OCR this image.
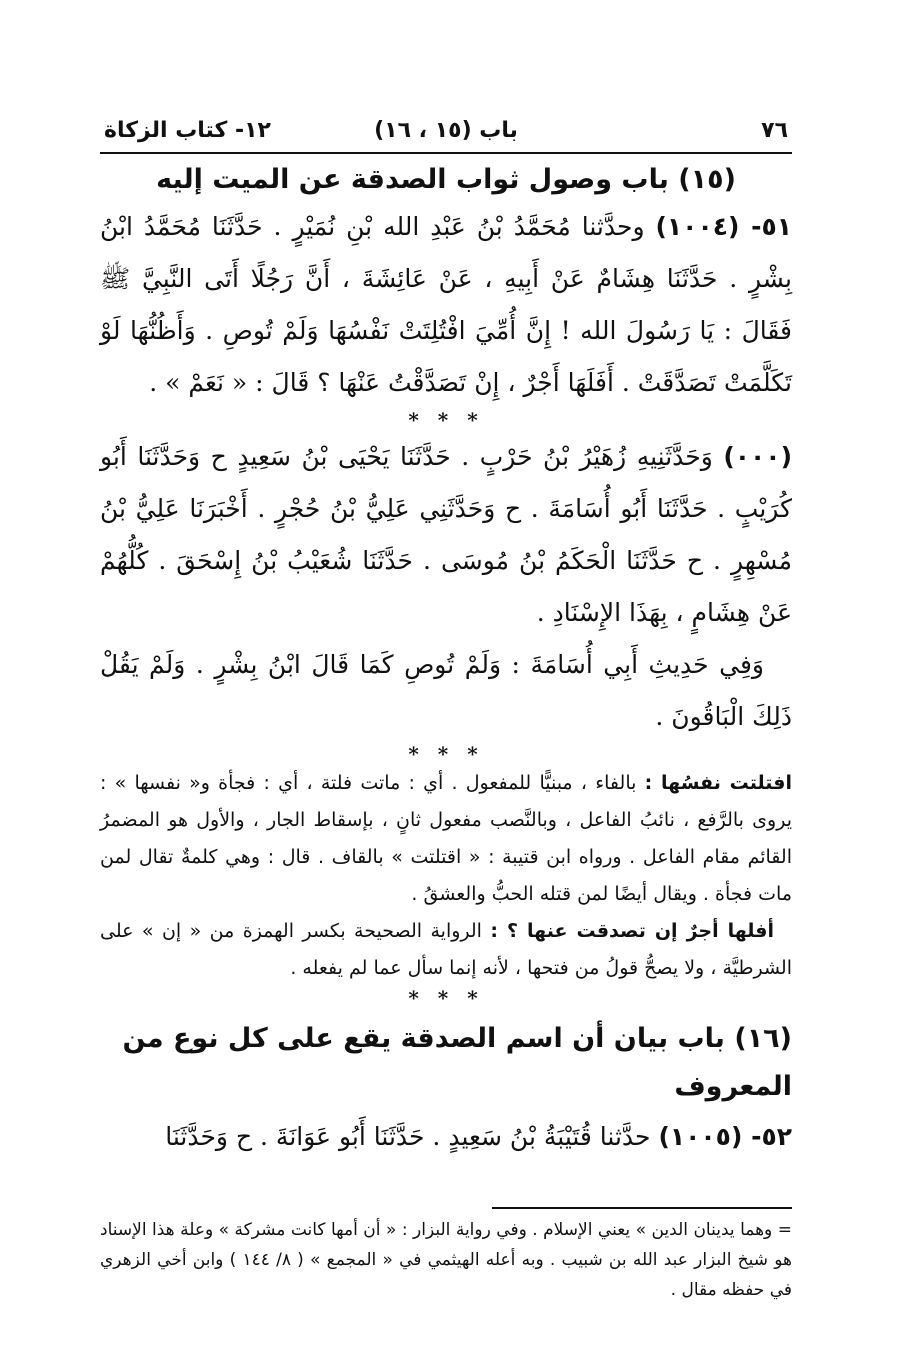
٧٦
باب (١٥ ، ١٦)
١٢- كتاب الزكاة
(١٥) باب وصول ثواب الصدقة عن الميت إليه

٥١- (١٠٠٤) وحدَّثنا مُحَمَّدُ بْنُ عَبْدِ الله بْنِ نُمَيْرٍ . حَدَّثَنَا مُحَمَّدُ ابْنُ بِشْرٍ . حَدَّثَنَا هِشَامٌ عَنْ أَبِيهِ ، عَنْ عَائِشَةَ ، أَنَّ رَجُلًا أَتَى النَّبِيَّ ﷺ فَقَالَ : يَا رَسُولَ الله ! إِنَّ أُمِّيَ افْتُلِتَتْ نَفْسُهَا وَلَمْ تُوصِ . وَأَظُنُّهَا لَوْ تَكَلَّمَتْ تَصَدَّقَتْ . أَفَلَهَا أَجْرٌ ، إِنْ تَصَدَّقْتُ عَنْهَا ؟ قَالَ : « نَعَمْ » .

* * *

(٠٠٠) وَحَدَّثَنِيهِ زُهَيْرُ بْنُ حَرْبٍ . حَدَّثَنَا يَحْيَى بْنُ سَعِيدٍ ح وَحَدَّثَنَا أَبُو كُرَيْبٍ . حَدَّثَنَا أَبُو أُسَامَةَ . ح وَحَدَّثَنِي عَلِيُّ بْنُ حُجْرٍ . أَخْبَرَنَا عَلِيُّ بْنُ مُسْهِرٍ . ح حَدَّثَنَا الْحَكَمُ بْنُ مُوسَى . حَدَّثَنَا شُعَيْبُ بْنُ إِسْحَقَ . كُلُّهُمْ عَنْ هِشَامٍ ، بِهَذَا الإِسْنَادِ .

وَفِي حَدِيثِ أَبِي أُسَامَةَ : وَلَمْ تُوصِ كَمَا قَالَ ابْنُ بِشْرٍ . وَلَمْ يَقُلْ ذَلِكَ الْبَاقُونَ .

* * *

افتلتت نفسُها : بالفاء ، مبنيًّا للمفعول . أي : ماتت فلتة ، أي : فجأة و« نفسها » : يروى بالرَّفع ، نائبُ الفاعل ، وبالنَّصب مفعول ثانٍ ، بإسقاط الجار ، والأول هو المضمرُ القائم مقام الفاعل . ورواه ابن قتيبة : « اقتلتت » بالقاف . قال : وهي كلمةٌ تقال لمن مات فجأة . ويقال أيضًا لمن قتله الحبُّ والعشقُ .

أفلها أجرٌ إن تصدقت عنها ؟ : الرواية الصحيحة بكسر الهمزة من « إن » على الشرطيَّة ، ولا يصحُّ قولُ من فتحها ، لأنه إنما سأل عما لم يفعله .

* * *

(١٦) باب بيان أن اسم الصدقة يقع على كل نوع من المعروف

٥٢- (١٠٠٥) حدَّثنا قُتَيْبَةُ بْنُ سَعِيدٍ . حَدَّثَنَا أَبُو عَوَانَةَ . ح وَحَدَّثَنَا

= وهما يدينان الدين » يعني الإسلام . وفي رواية البزار : « أن أمها كانت مشركة » وعلة هذا الإسناد هو شيخ البزار عبد الله بن شبيب . وبه أعله الهيثمي في « المجمع » ( ٨/ ١٤٤ ) وابن أخي الزهري في حفظه مقال .
